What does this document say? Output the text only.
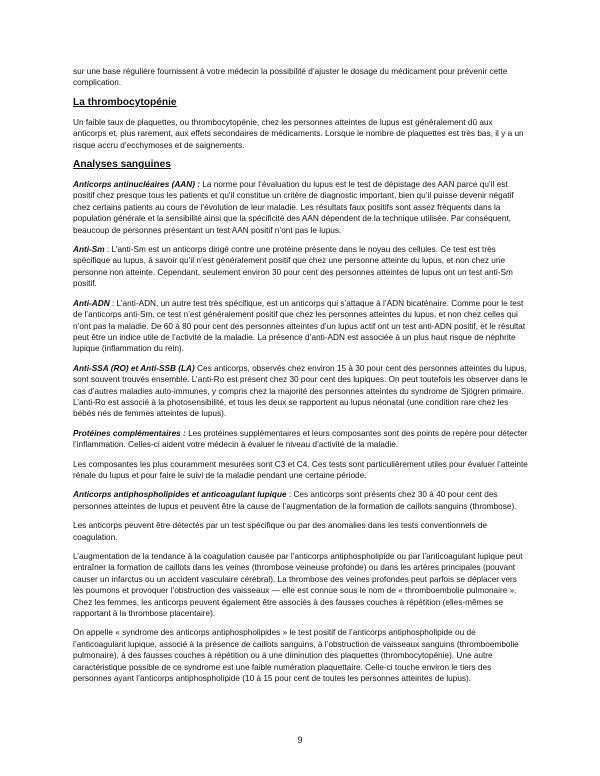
sur une base régulière fournissent à votre médecin la possibilité d’ajuster le dosage du médicament pour prévenir cette complication.

La thrombocytopénie

Un faible taux de plaquettes, ou thrombocytopénie, chez les personnes atteintes de lupus est généralement dû aux anticorps et, plus rarement, aux effets secondaires de médicaments. Lorsque le nombre de plaquettes est très bas, il y a un risque accru d’ecchymoses et de saignements.

Analyses sanguines

Anticorps antinucléaires (AAN) : La norme pour l’évaluation du lupus est le test de dépistage des AAN parce qu’il est positif chez presque tous les patients et qu’il constitue un critère de diagnostic important, bien qu’il puisse devenir négatif chez certains patients au cours de l’évolution de leur maladie. Les résultats faux positifs sont assez fréquents dans la population générale et la sensibilité ainsi que la spécificité des AAN dépendent de la technique utilisée. Par conséquent, beaucoup de personnes présentant un test AAN positif n’ont pas le lupus.

Anti-Sm : L’anti-Sm est un anticorps dirigé contre une protéine présente dans le noyau des cellules. Ce test est très spécifique au lupus, à savoir qu’il n’est généralement positif que chez une personne atteinte du lupus, et non chez une personne non atteinte. Cependant, seulement environ 30 pour cent des personnes atteintes de lupus ont un test anti-Sm positif.

Anti-ADN : L’anti-ADN, un autre test très spécifique, est un anticorps qui s’attaque à l’ADN bicaténaire. Comme pour le test de l’anticorps anti-Sm, ce test n’est généralement positif que chez les personnes atteintes du lupus, et non chez celles qui n’ont pas la maladie. De 60 à 80 pour cent des personnes atteintes d’un lupus actif ont un test anti-ADN positif, et le résultat peut être un indice utile de l’activité de la maladie. La présence d’anti-ADN est associée à un plus haut risque de néphrite lupique (inflammation du rein).

Anti-SSA (RO) et Anti-SSB (LA) Ces anticorps, observés chez environ 15 à 30 pour cent des personnes atteintes du lupus, sont souvent trouvés ensemble. L’anti-Ro est présent chez 30 pour cent des lupiques. On peut toutefois les observer dans le cas d’autres maladies auto-immunes, y compris chez la majorité des personnes atteintes du syndrome de Sjögren primaire. L’anti-Ro est associé à la photosensibilité, et tous les deux se rapportent au lupus néonatal (une condition rare chez les bébés nés de femmes atteintes de lupus).

Protéines complémentaires : Les protéines supplémentaires et leurs composantes sont des points de repère pour détecter l’inflammation. Celles-ci aident votre médecin à évaluer le niveau d’activité de la maladie.

Les composantes les plus couramment mesurées sont C3 et C4. Ces tests sont particulièrement utiles pour évaluer l’atteinte rénale du lupus et pour faire le suivi de la maladie pendant une certaine période.

Anticorps antiphospholipides et anticoagulant lupique : Ces anticorps sont présents chez 30 à 40 pour cent des personnes atteintes de lupus et peuvent être la cause de l’augmentation de la formation de caillots sanguins (thrombose).

Les anticorps peuvent être détectés par un test spécifique ou par des anomalies dans les tests conventionnels de coagulation.

L’augmentation de la tendance à la coagulation causée par l’anticorps antiphospholipide ou par l’anticoagulant lupique peut entraîner la formation de caillots dans les veines (thrombose veineuse profonde) ou dans les artères principales (pouvant causer un infarctus ou un accident vasculaire cérébral). La thrombose des veines profondes peut parfois se déplacer vers les poumons et provoquer l’obstruction des vaisseaux — elle est connue sous le nom de « thromboembolie pulmonaire ». Chez les femmes, les anticorps peuvent également être associés à des fausses couches à répétition (elles-mêmes se rapportant à la thrombose placentaire).

On appelle « syndrome des anticorps antiphospholipides » le test positif de l’anticorps antiphospholipide ou de l’anticoagulant lupique, associé à la présence de caillots sanguins, à l’obstruction de vaisseaux sanguins (thromboembolie pulmonaire), à des fausses couches à répétition ou à une diminution des plaquettes (thrombocytopénie). Une autre caractéristique possible de ce syndrome est une faible numération plaquettaire. Celle-ci touche environ le tiers des personnes ayant l’anticorps antiphospholipide (10 à 15 pour cent de toutes les personnes atteintes de lupus).

9
